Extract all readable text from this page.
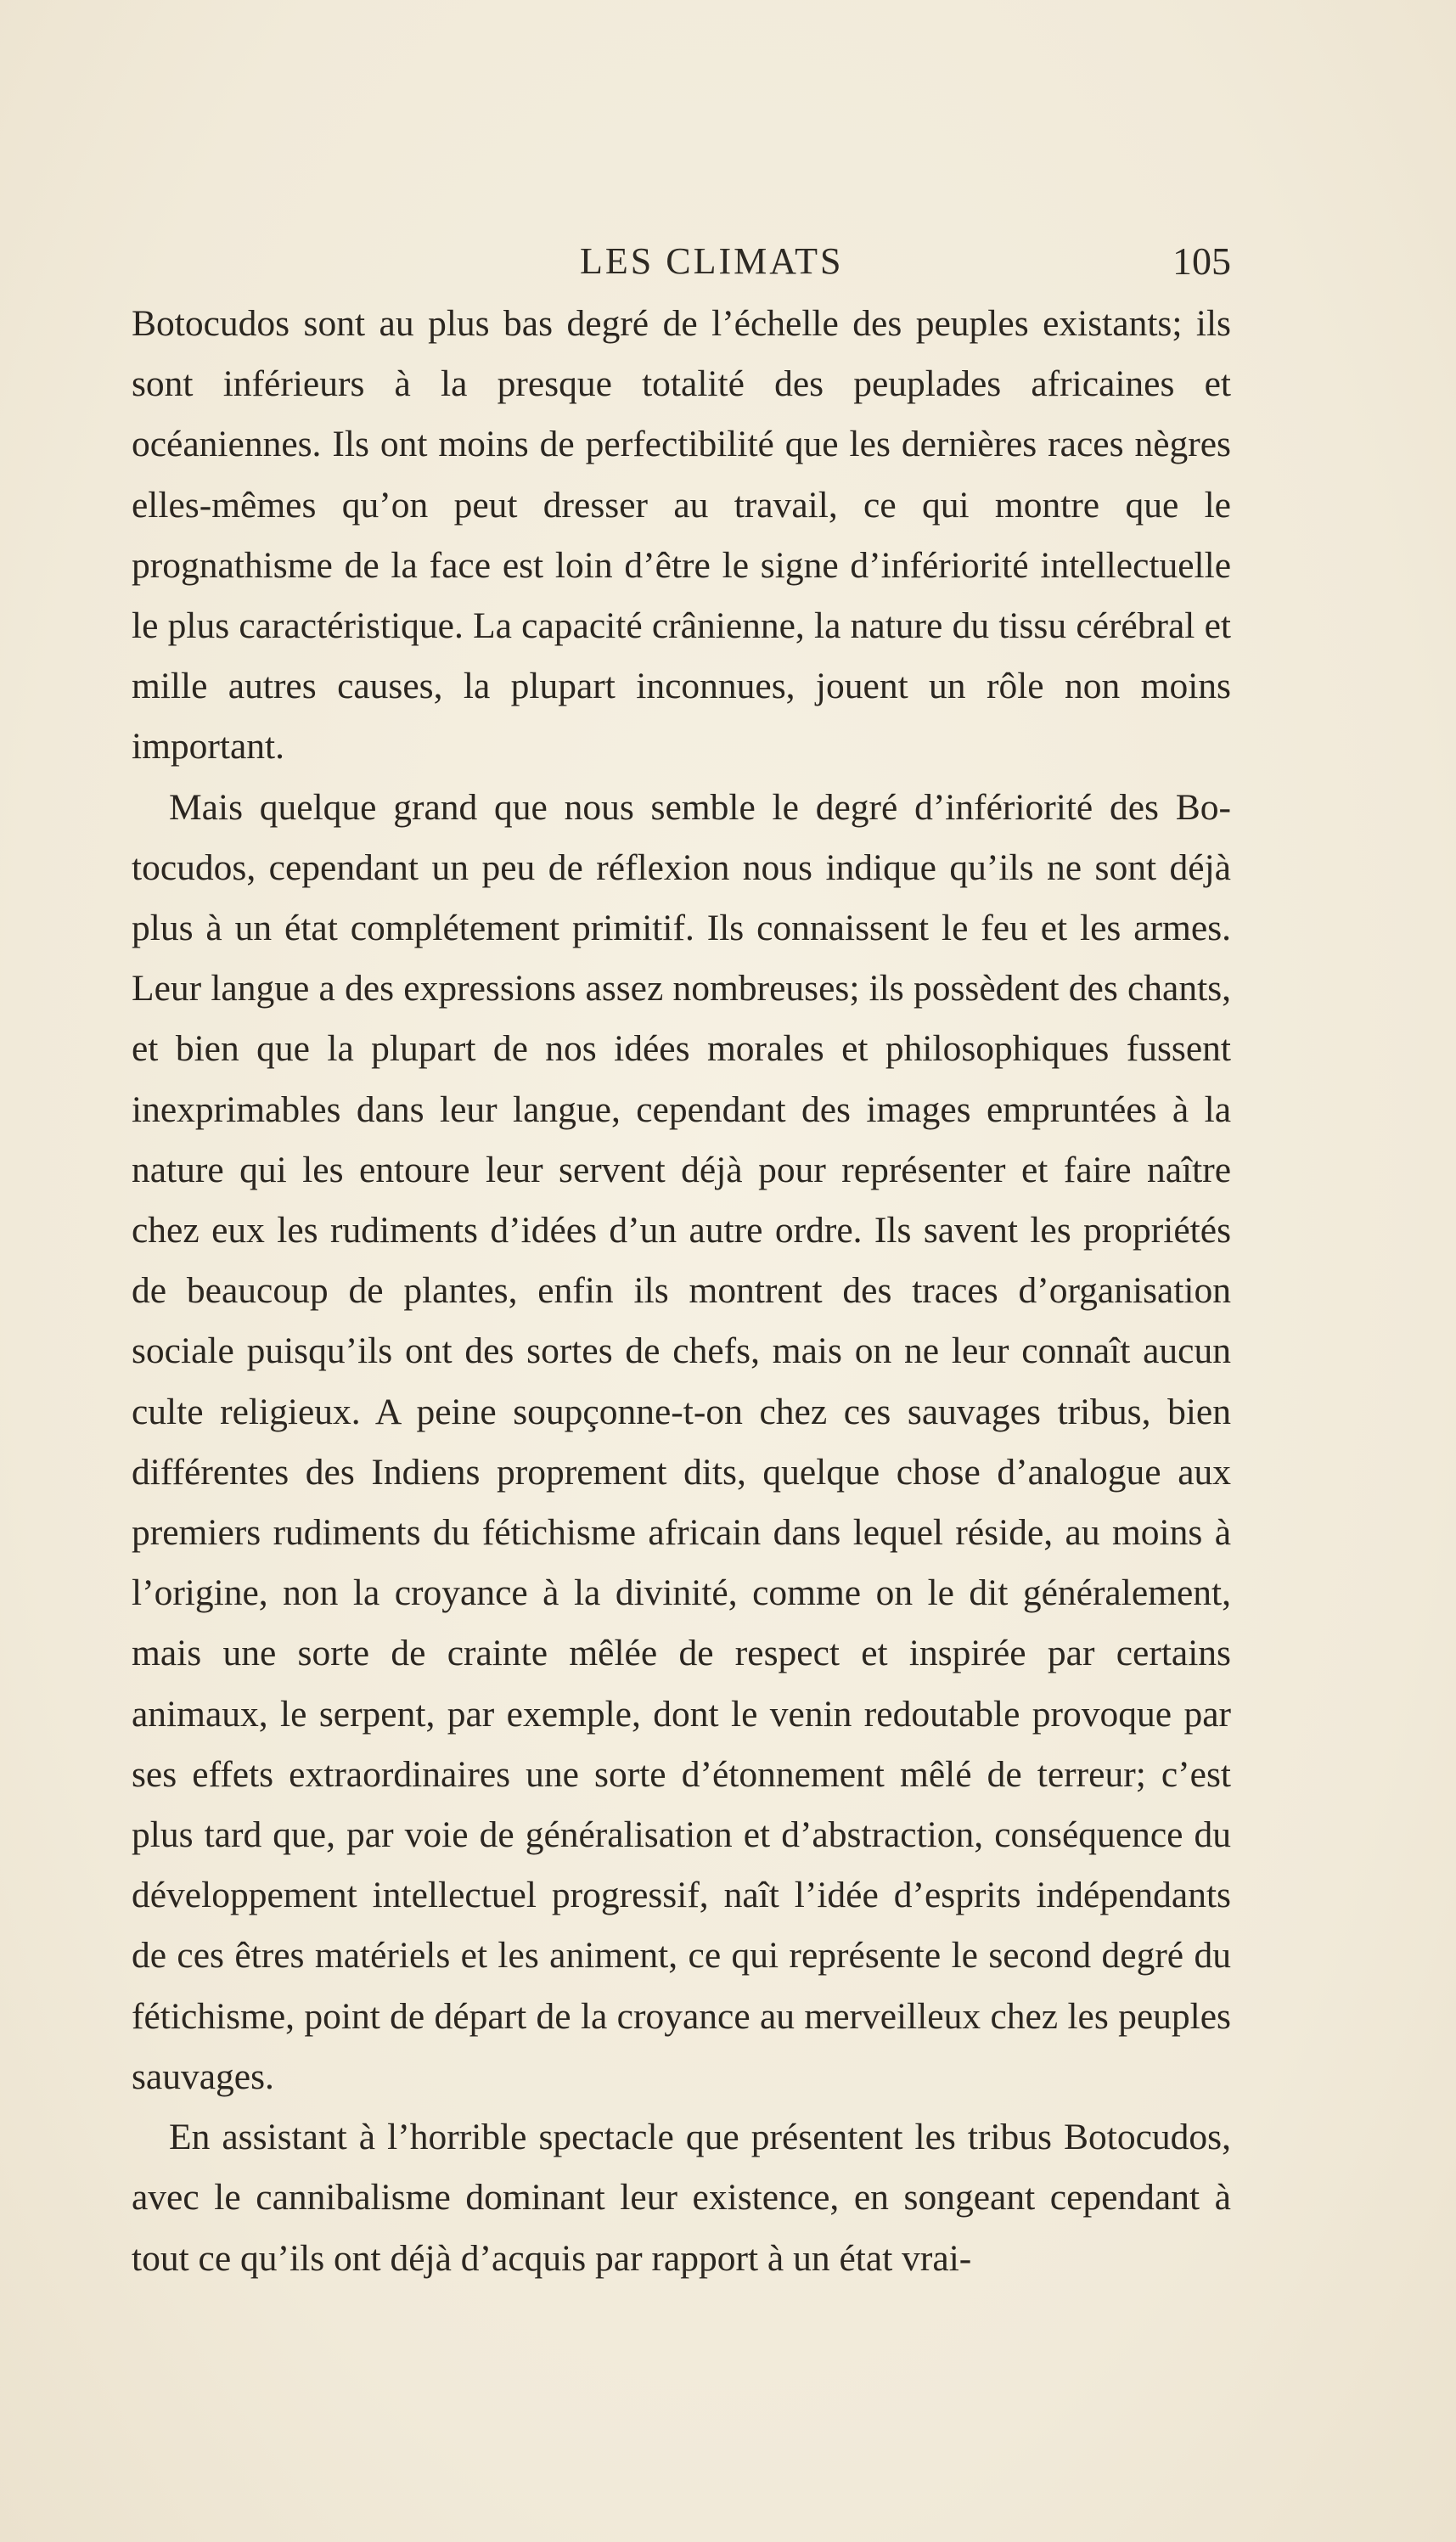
LES CLIMATS	105

Botocudos sont au plus bas degré de l’échelle des peuples existants; ils sont inférieurs à la presque totalité des peuplades africaines et océaniennes. Ils ont moins de perfectibilité que les dernières races nègres elles-mêmes qu’on peut dresser au travail, ce qui montre que le prognathisme de la face est loin d’être le signe d’infériorité intellectuelle le plus caractéristique. La capacité crânienne, la nature du tissu cérébral et mille autres causes, la plupart inconnues, jouent un rôle non moins important.

Mais quelque grand que nous semble le degré d’infériorité des Botocudos, cependant un peu de réflexion nous indique qu’ils ne sont déjà plus à un état complétement primitif. Ils connaissent le feu et les armes. Leur langue a des expressions assez nombreuses; ils possèdent des chants, et bien que la plupart de nos idées morales et philosophiques fussent inexprimables dans leur langue, cependant des images empruntées à la nature qui les entoure leur servent déjà pour représenter et faire naître chez eux les rudiments d’idées d’un autre ordre. Ils savent les propriétés de beaucoup de plantes, enfin ils montrent des traces d’organisation sociale puisqu’ils ont des sortes de chefs, mais on ne leur connaît aucun culte religieux. A peine soupçonne-t-on chez ces sauvages tribus, bien différentes des Indiens proprement dits, quelque chose d’analogue aux premiers rudiments du fétichisme africain dans lequel réside, au moins à l’origine, non la croyance à la divinité, comme on le dit généralement, mais une sorte de crainte mêlée de respect et inspirée par certains animaux, le serpent, par exemple, dont le venin redoutable provoque par ses effets extraordinaires une sorte d’étonnement mêlé de terreur; c’est plus tard que, par voie de généralisation et d’abstraction, conséquence du développement intellectuel progressif, naît l’idée d’esprits indépendants de ces êtres matériels et les animent, ce qui représente le second degré du fétichisme, point de départ de la croyance au merveilleux chez les peuples sauvages.

En assistant à l’horrible spectacle que présentent les tribus Botocudos, avec le cannibalisme dominant leur existence, en songeant cependant à tout ce qu’ils ont déjà d’acquis par rapport à un état vrai-
